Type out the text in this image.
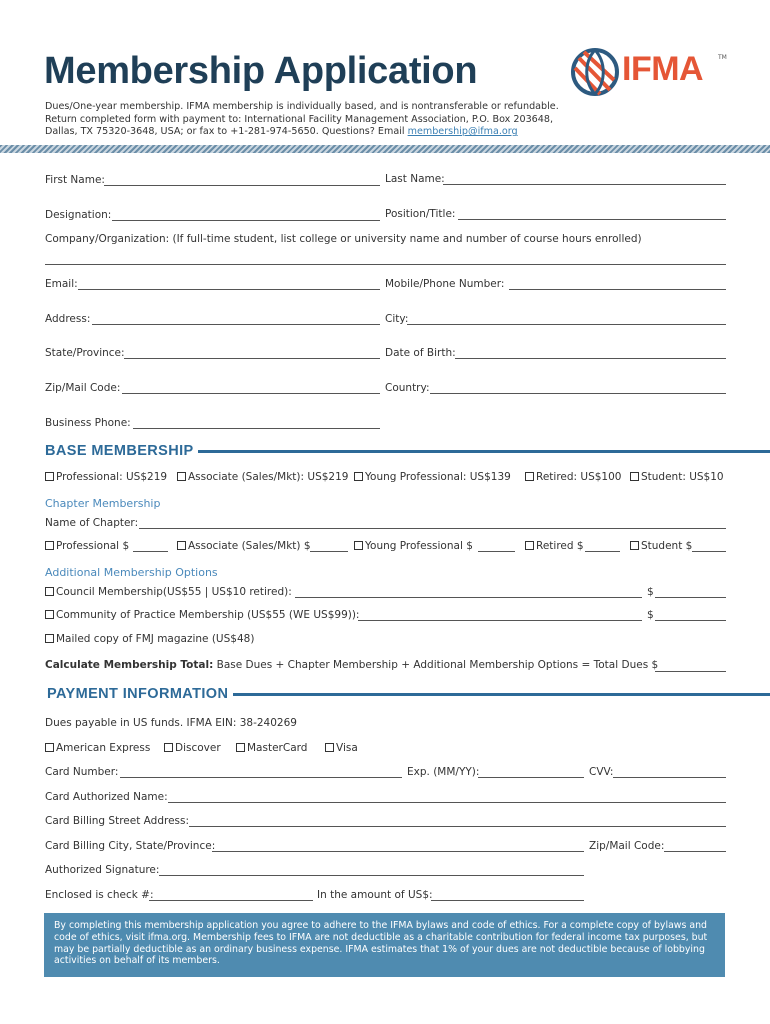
Membership Application
Dues/One-year membership. IFMA membership is individually based, and is nontransferable or refundable.
Return completed form with payment to: International Facility Management Association, P.O. Box 203648,
Dallas, TX 75320-3648, USA; or fax to +1-281-974-5650. Questions? Email membership@ifma.org
IFMA TM
First Name:	Last Name:
Designation:	Position/Title:
Company/Organization: (If full-time student, list college or university name and number of course hours enrolled)
Email:	Mobile/Phone Number:
Address:	City:
State/Province:	Date of Birth:
Zip/Mail Code:	Country:
Business Phone:
BASE MEMBERSHIP
Professional: US$219	Associate (Sales/Mkt): US$219	Young Professional: US$139	Retired: US$100	Student: US$10
Chapter Membership
Name of Chapter:
Professional $	Associate (Sales/Mkt) $	Young Professional $	Retired $	Student $
Additional Membership Options
Council Membership(US$55 | US$10 retired):	$
Community of Practice Membership (US$55 (WE US$99)):	$
Mailed copy of FMJ magazine (US$48)
Calculate Membership Total: Base Dues + Chapter Membership + Additional Membership Options = Total Dues $
PAYMENT INFORMATION
Dues payable in US funds. IFMA EIN: 38-240269
American Express	Discover	MasterCard	Visa
Card Number:	Exp. (MM/YY):	CVV:
Card Authorized Name:
Card Billing Street Address:
Card Billing City, State/Province:	Zip/Mail Code:
Authorized Signature:
Enclosed is check #:	In the amount of US$:
By completing this membership application you agree to adhere to the IFMA bylaws and code of ethics. For a complete copy of bylaws and code of ethics, visit ifma.org. Membership fees to IFMA are not deductible as a charitable contribution for federal income tax purposes, but may be partially deductible as an ordinary business expense. IFMA estimates that 1% of your dues are not deductible because of lobbying activities on behalf of its members.
